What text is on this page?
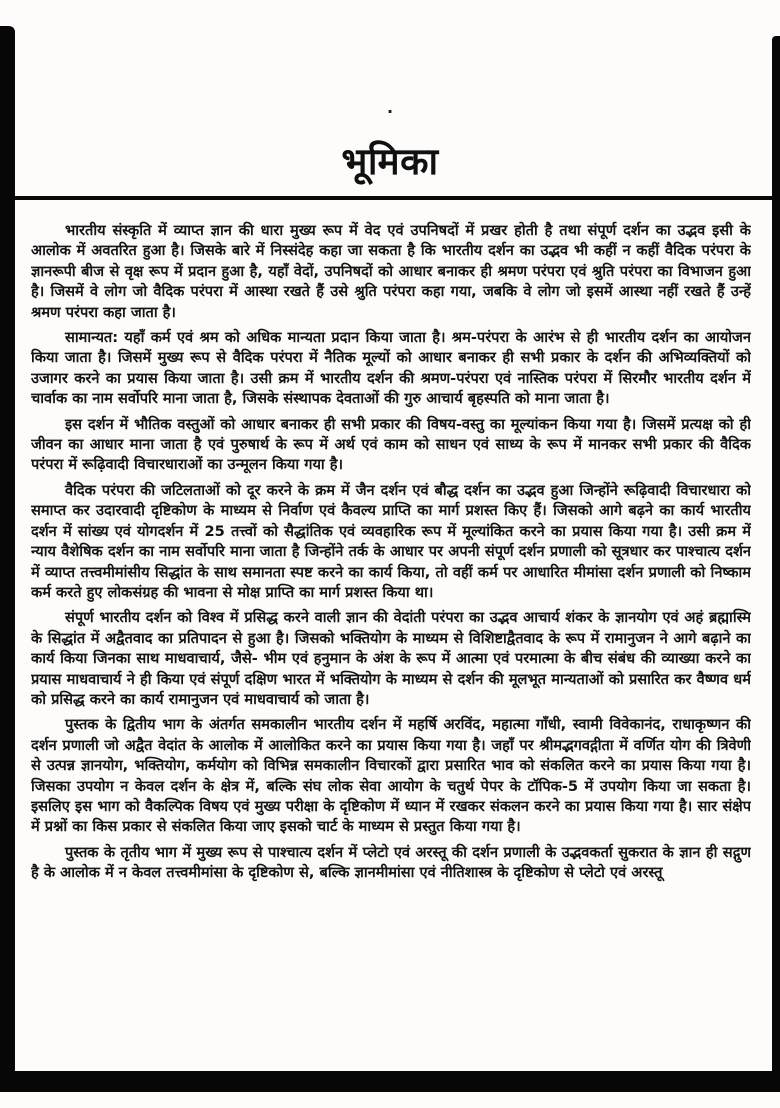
.
भूमिका

भारतीय संस्कृति में व्याप्त ज्ञान की धारा मुख्य रूप में वेद एवं उपनिषदों में प्रखर होती है तथा संपूर्ण दर्शन का उद्भव इसी के आलोक में अवतरित हुआ है। जिसके बारे में निस्संदेह कहा जा सकता है कि भारतीय दर्शन का उद्भव भी कहीं न कहीं वैदिक परंपरा के ज्ञानरूपी बीज से वृक्ष रूप में प्रदान हुआ है, यहाँ वेदों, उपनिषदों को आधार बनाकर ही श्रमण परंपरा एवं श्रुति परंपरा का विभाजन हुआ है। जिसमें वे लोग जो वैदिक परंपरा में आस्था रखते हैं उसे श्रुति परंपरा कहा गया, जबकि वे लोग जो इसमें आस्था नहीं रखते हैं उन्हें श्रमण परंपरा कहा जाता है।

सामान्यत: यहाँ कर्म एवं श्रम को अधिक मान्यता प्रदान किया जाता है। श्रम-परंपरा के आरंभ से ही भारतीय दर्शन का आयोजन किया जाता है। जिसमें मुख्य रूप से वैदिक परंपरा में नैतिक मूल्यों को आधार बनाकर ही सभी प्रकार के दर्शन की अभिव्यक्तियों को उजागर करने का प्रयास किया जाता है। उसी क्रम में भारतीय दर्शन की श्रमण-परंपरा एवं नास्तिक परंपरा में सिरमौर भारतीय दर्शन में चार्वाक का नाम सर्वोपरि माना जाता है, जिसके संस्थापक देवताओं की गुरु आचार्य बृहस्पति को माना जाता है।

इस दर्शन में भौतिक वस्तुओं को आधार बनाकर ही सभी प्रकार की विषय-वस्तु का मूल्यांकन किया गया है। जिसमें प्रत्यक्ष को ही जीवन का आधार माना जाता है एवं पुरुषार्थ के रूप में अर्थ एवं काम को साधन एवं साध्य के रूप में मानकर सभी प्रकार की वैदिक परंपरा में रूढ़िवादी विचारधाराओं का उन्मूलन किया गया है।

वैदिक परंपरा की जटिलताओं को दूर करने के क्रम में जैन दर्शन एवं बौद्ध दर्शन का उद्भव हुआ जिन्होंने रूढ़िवादी विचारधारा को समाप्त कर उदारवादी दृष्टिकोण के माध्यम से निर्वाण एवं कैवल्य प्राप्ति का मार्ग प्रशस्त किए हैं। जिसको आगे बढ़ने का कार्य भारतीय दर्शन में सांख्य एवं योगदर्शन में 25 तत्त्वों को सैद्धांतिक एवं व्यवहारिक रूप में मूल्यांकित करने का प्रयास किया गया है। उसी क्रम में न्याय वैशेषिक दर्शन का नाम सर्वोपरि माना जाता है जिन्होंने तर्क के आधार पर अपनी संपूर्ण दर्शन प्रणाली को सूत्रधार कर पाश्चात्य दर्शन में व्याप्त तत्त्वमीमांसीय सिद्धांत के साथ समानता स्पष्ट करने का कार्य किया, तो वहीं कर्म पर आधारित मीमांसा दर्शन प्रणाली को निष्काम कर्म करते हुए लोकसंग्रह की भावना से मोक्ष प्राप्ति का मार्ग प्रशस्त किया था।

संपूर्ण भारतीय दर्शन को विश्व में प्रसिद्ध करने वाली ज्ञान की वेदांती परंपरा का उद्भव आचार्य शंकर के ज्ञानयोग एवं अहं ब्रह्मास्मि के सिद्धांत में अद्वैतवाद का प्रतिपादन से हुआ है। जिसको भक्तियोग के माध्यम से विशिष्टाद्वैतवाद के रूप में रामानुजन ने आगे बढ़ाने का कार्य किया जिनका साथ माधवाचार्य, जैसे- भीम एवं हनुमान के अंश के रूप में आत्मा एवं परमात्मा के बीच संबंध की व्याख्या करने का प्रयास माधवाचार्य ने ही किया एवं संपूर्ण दक्षिण भारत में भक्तियोग के माध्यम से दर्शन की मूलभूत मान्यताओं को प्रसारित कर वैष्णव धर्म को प्रसिद्ध करने का कार्य रामानुजन एवं माधवाचार्य को जाता है।

पुस्तक के द्वितीय भाग के अंतर्गत समकालीन भारतीय दर्शन में महर्षि अरविंद, महात्मा गाँधी, स्वामी विवेकानंद, राधाकृष्णन की दर्शन प्रणाली जो अद्वैत वेदांत के आलोक में आलोकित करने का प्रयास किया गया है। जहाँ पर श्रीमद्भगवद्गीता में वर्णित योग की त्रिवेणी से उत्पन्न ज्ञानयोग, भक्तियोग, कर्मयोग को विभिन्न समकालीन विचारकों द्वारा प्रसारित भाव को संकलित करने का प्रयास किया गया है। जिसका उपयोग न केवल दर्शन के क्षेत्र में, बल्कि संघ लोक सेवा आयोग के चतुर्थ पेपर के टॉपिक-5 में उपयोग किया जा सकता है। इसलिए इस भाग को वैकल्पिक विषय एवं मुख्य परीक्षा के दृष्टिकोण में ध्यान में रखकर संकलन करने का प्रयास किया गया है। सार संक्षेप में प्रश्नों का किस प्रकार से संकलित किया जाए इसको चार्ट के माध्यम से प्रस्तुत किया गया है।

पुस्तक के तृतीय भाग में मुख्य रूप से पाश्चात्य दर्शन में प्लेटो एवं अरस्तू की दर्शन प्रणाली के उद्भवकर्ता सुकरात के ज्ञान ही सद्गुण है के आलोक में न केवल तत्त्वमीमांसा के दृष्टिकोण से, बल्कि ज्ञानमीमांसा एवं नीतिशास्त्र के दृष्टिकोण से प्लेटो एवं अरस्तू
